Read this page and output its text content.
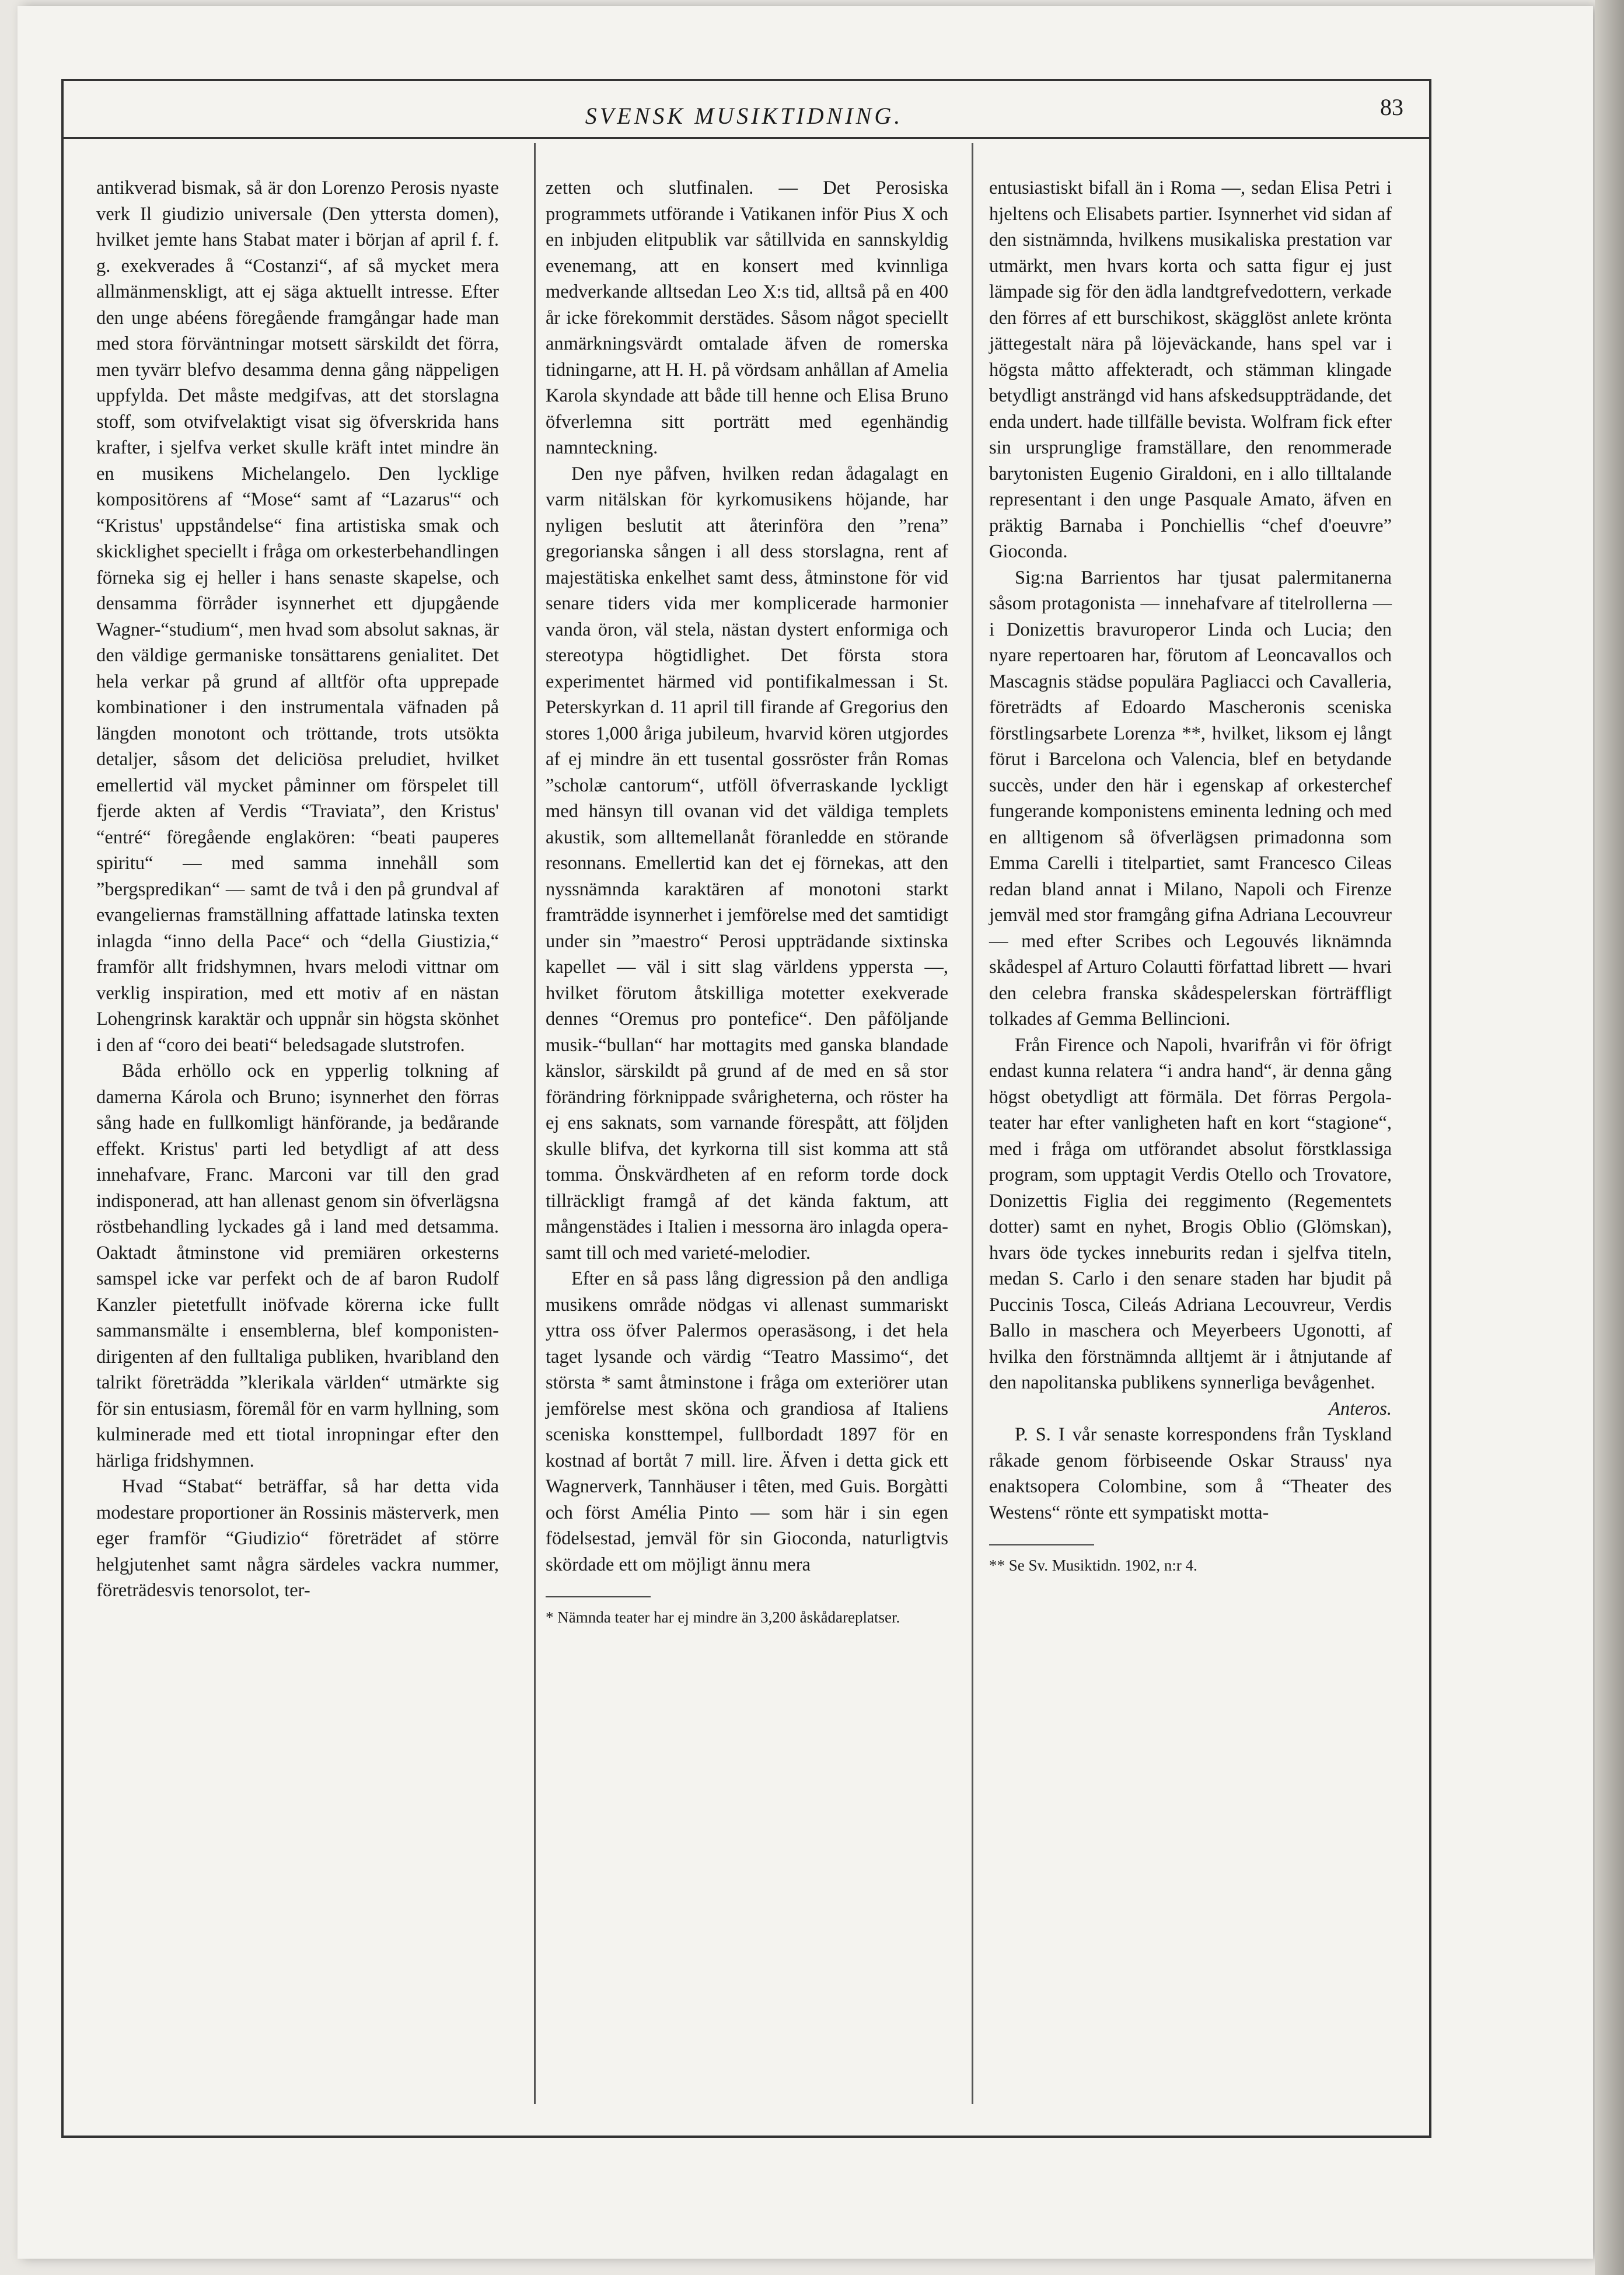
SVENSK MUSIKTIDNING.	83

antikverad bismak, så är don Lorenzo Perosis nyaste verk Il giudizio universale (Den yttersta domen), hvilket jemte hans Stabat mater i början af april f. f. g. exekverades å “Costanzi“, af så mycket mera allmänmenskligt, att ej säga aktuellt intresse. Efter den unge abéens föregående framgångar hade man med stora förväntningar motsett särskildt det förra, men tyvärr blefvo desamma denna gång näppeligen uppfylda. Det måste medgifvas, att det storslagna stoff, som otvifvelaktigt visat sig öfverskrida hans krafter, i sjelfva verket skulle kräft intet mindre än en musikens Michelangelo. Den lycklige kompositörens af “Mose“ samt af “Lazarus'“ och “Kristus' uppståndelse“ fina artistiska smak och skicklighet speciellt i fråga om orkesterbehandlingen förneka sig ej heller i hans senaste skapelse, och densamma förråder isynnerhet ett djupgående Wagner-“studium“, men hvad som absolut saknas, är den väldige germaniske tonsättarens genialitet. Det hela verkar på grund af alltför ofta upprepade kombinationer i den instrumentala väfnaden på längden monotont och tröttande, trots utsökta detaljer, såsom det deliciösa preludiet, hvilket emellertid väl mycket påminner om förspelet till fjerde akten af Verdis “Traviata”, den Kristus' “entré“ föregående englakören: “beati pauperes spiritu“ — med samma innehåll som ”bergspredikan“ — samt de två i den på grundval af evangeliernas framställning affattade latinska texten inlagda “inno della Pace“ och “della Giustizia,“ framför allt fridshymnen, hvars melodi vittnar om verklig inspiration, med ett motiv af en nästan Lohengrinsk karaktär och uppnår sin högsta skönhet i den af “coro dei beati“ beledsagade slutstrofen.

Båda erhöllo ock en ypperlig tolkning af damerna Károla och Bruno; isynnerhet den förras sång hade en fullkomligt hänförande, ja bedårande effekt. Kristus' parti led betydligt af att dess innehafvare, Franc. Marconi var till den grad indisponerad, att han allenast genom sin öfverlägsna röstbehandling lyckades gå i land med detsamma. Oaktadt åtminstone vid premiären orkesterns samspel icke var perfekt och de af baron Rudolf Kanzler pietetfullt inöfvade körerna icke fullt sammansmälte i ensemblerna, blef komponisten-dirigenten af den fulltaliga publiken, hvaribland den talrikt företrädda ”klerikala världen“ utmärkte sig för sin entusiasm, föremål för en varm hyllning, som kulminerade med ett tiotal inropningar efter den härliga fridshymnen.

Hvad “Stabat“ beträffar, så har detta vida modestare proportioner än Rossinis mästerverk, men eger framför “Giudizio“ företrädet af större helgjutenhet samt några särdeles vackra nummer, företrädesvis tenorsolot, ter-

zetten och slutfinalen. — Det Perosiska programmets utförande i Vatikanen inför Pius X och en inbjuden elitpublik var såtillvida en sannskyldig evenemang, att en konsert med kvinnliga medverkande alltsedan Leo X:s tid, alltså på en 400 år icke förekommit derstädes. Såsom något speciellt anmärkningsvärdt omtalade äfven de romerska tidningarne, att H. H. på vördsam anhållan af Amelia Karola skyndade att både till henne och Elisa Bruno öfverlemna sitt porträtt med egenhändig namnteckning.

Den nye påfven, hvilken redan ådagalagt en varm nitälskan för kyrkomusikens höjande, har nyligen beslutit att återinföra den ”rena” gregorianska sången i all dess storslagna, rent af majestätiska enkelhet samt dess, åtminstone för vid senare tiders vida mer komplicerade harmonier vanda öron, väl stela, nästan dystert enformiga och stereotypa högtidlighet. Det första stora experimentet härmed vid pontifikalmessan i St. Peterskyrkan d. 11 april till firande af Gregorius den stores 1,000 åriga jubileum, hvarvid kören utgjordes af ej mindre än ett tusental gossröster från Romas ”scholæ cantorum“, utföll öfverraskande lyckligt med hänsyn till ovanan vid det väldiga templets akustik, som alltemellanåt föranledde en störande resonnans. Emellertid kan det ej förnekas, att den nyssnämnda karaktären af monotoni starkt framträdde isynnerhet i jemförelse med det samtidigt under sin ”maestro“ Perosi uppträdande sixtinska kapellet — väl i sitt slag världens yppersta —, hvilket förutom åtskilliga motetter exekverade dennes “Oremus pro pontefice“. Den påföljande musik-“bullan“ har mottagits med ganska blandade känslor, särskildt på grund af de med en så stor förändring förknippade svårigheterna, och röster ha ej ens saknats, som varnande förespått, att följden skulle blifva, det kyrkorna till sist komma att stå tomma. Önskvärdheten af en reform torde dock tillräckligt framgå af det kända faktum, att mångenstädes i Italien i messorna äro inlagda opera- samt till och med varieté-melodier.

Efter en så pass lång digression på den andliga musikens område nödgas vi allenast summariskt yttra oss öfver Palermos operasäsong, i det hela taget lysande och värdig “Teatro Massimo“, det största * samt åtminstone i fråga om exteriörer utan jemförelse mest sköna och grandiosa af Italiens sceniska konsttempel, fullbordadt 1897 för en kostnad af bortåt 7 mill. lire. Äfven i detta gick ett Wagnerverk, Tannhäuser i têten, med Guis. Borgàtti och först Amélia Pinto — som här i sin egen födelsestad, jemväl för sin Gioconda, naturligtvis skördade ett om möjligt ännu mera

* Nämnda teater har ej mindre än 3,200 åskådareplatser.

entusiastiskt bifall än i Roma —, sedan Elisa Petri i hjeltens och Elisabets partier. Isynnerhet vid sidan af den sistnämnda, hvilkens musikaliska prestation var utmärkt, men hvars korta och satta figur ej just lämpade sig för den ädla landtgrefvedottern, verkade den förres af ett burschikost, skägglöst anlete krönta jättegestalt nära på löjeväckande, hans spel var i högsta måtto affekteradt, och stämman klingade betydligt ansträngd vid hans afskedsuppträdande, det enda undert. hade tillfälle bevista. Wolfram fick efter sin ursprunglige framställare, den renommerade barytonisten Eugenio Giraldoni, en i allo tilltalande representant i den unge Pasquale Amato, äfven en präktig Barnaba i Ponchiellis “chef d'oeuvre” Gioconda.

Sig:na Barrientos har tjusat palermitanerna såsom protagonista — innehafvare af titelrollerna — i Donizettis bravuroperor Linda och Lucia; den nyare repertoaren har, förutom af Leoncavallos och Mascagnis städse populära Pagliacci och Cavalleria, företrädts af Edoardo Mascheronis sceniska förstlingsarbete Lorenza **, hvilket, liksom ej långt förut i Barcelona och Valencia, blef en betydande succès, under den här i egenskap af orkesterchef fungerande komponistens eminenta ledning och med en alltigenom så öfverlägsen primadonna som Emma Carelli i titelpartiet, samt Francesco Cileas redan bland annat i Milano, Napoli och Firenze jemväl med stor framgång gifna Adriana Lecouvreur — med efter Scribes och Legouvés liknämnda skådespel af Arturo Colautti författad librett — hvari den celebra franska skådespelerskan förträffligt tolkades af Gemma Bellincioni.

Från Firence och Napoli, hvarifrån vi för öfrigt endast kunna relatera “i andra hand“, är denna gång högst obetydligt att förmäla. Det förras Pergola-teater har efter vanligheten haft en kort “stagione“, med i fråga om utförandet absolut förstklassiga program, som upptagit Verdis Otello och Trovatore, Donizettis Figlia dei reggimento (Regementets dotter) samt en nyhet, Brogis Oblio (Glömskan), hvars öde tyckes inneburits redan i sjelfva titeln, medan S. Carlo i den senare staden har bjudit på Puccinis Tosca, Cileás Adriana Lecouvreur, Verdis Ballo in maschera och Meyerbeers Ugonotti, af hvilka den förstnämnda alltjemt är i åtnjutande af den napolitanska publikens synnerliga bevågenhet.

Anteros.

P. S. I vår senaste korrespondens från Tyskland råkade genom förbiseende Oskar Strauss' nya enaktsopera Colombine, som å “Theater des Westens“ rönte ett sympatiskt motta-

** Se Sv. Musiktidn. 1902, n:r 4.
